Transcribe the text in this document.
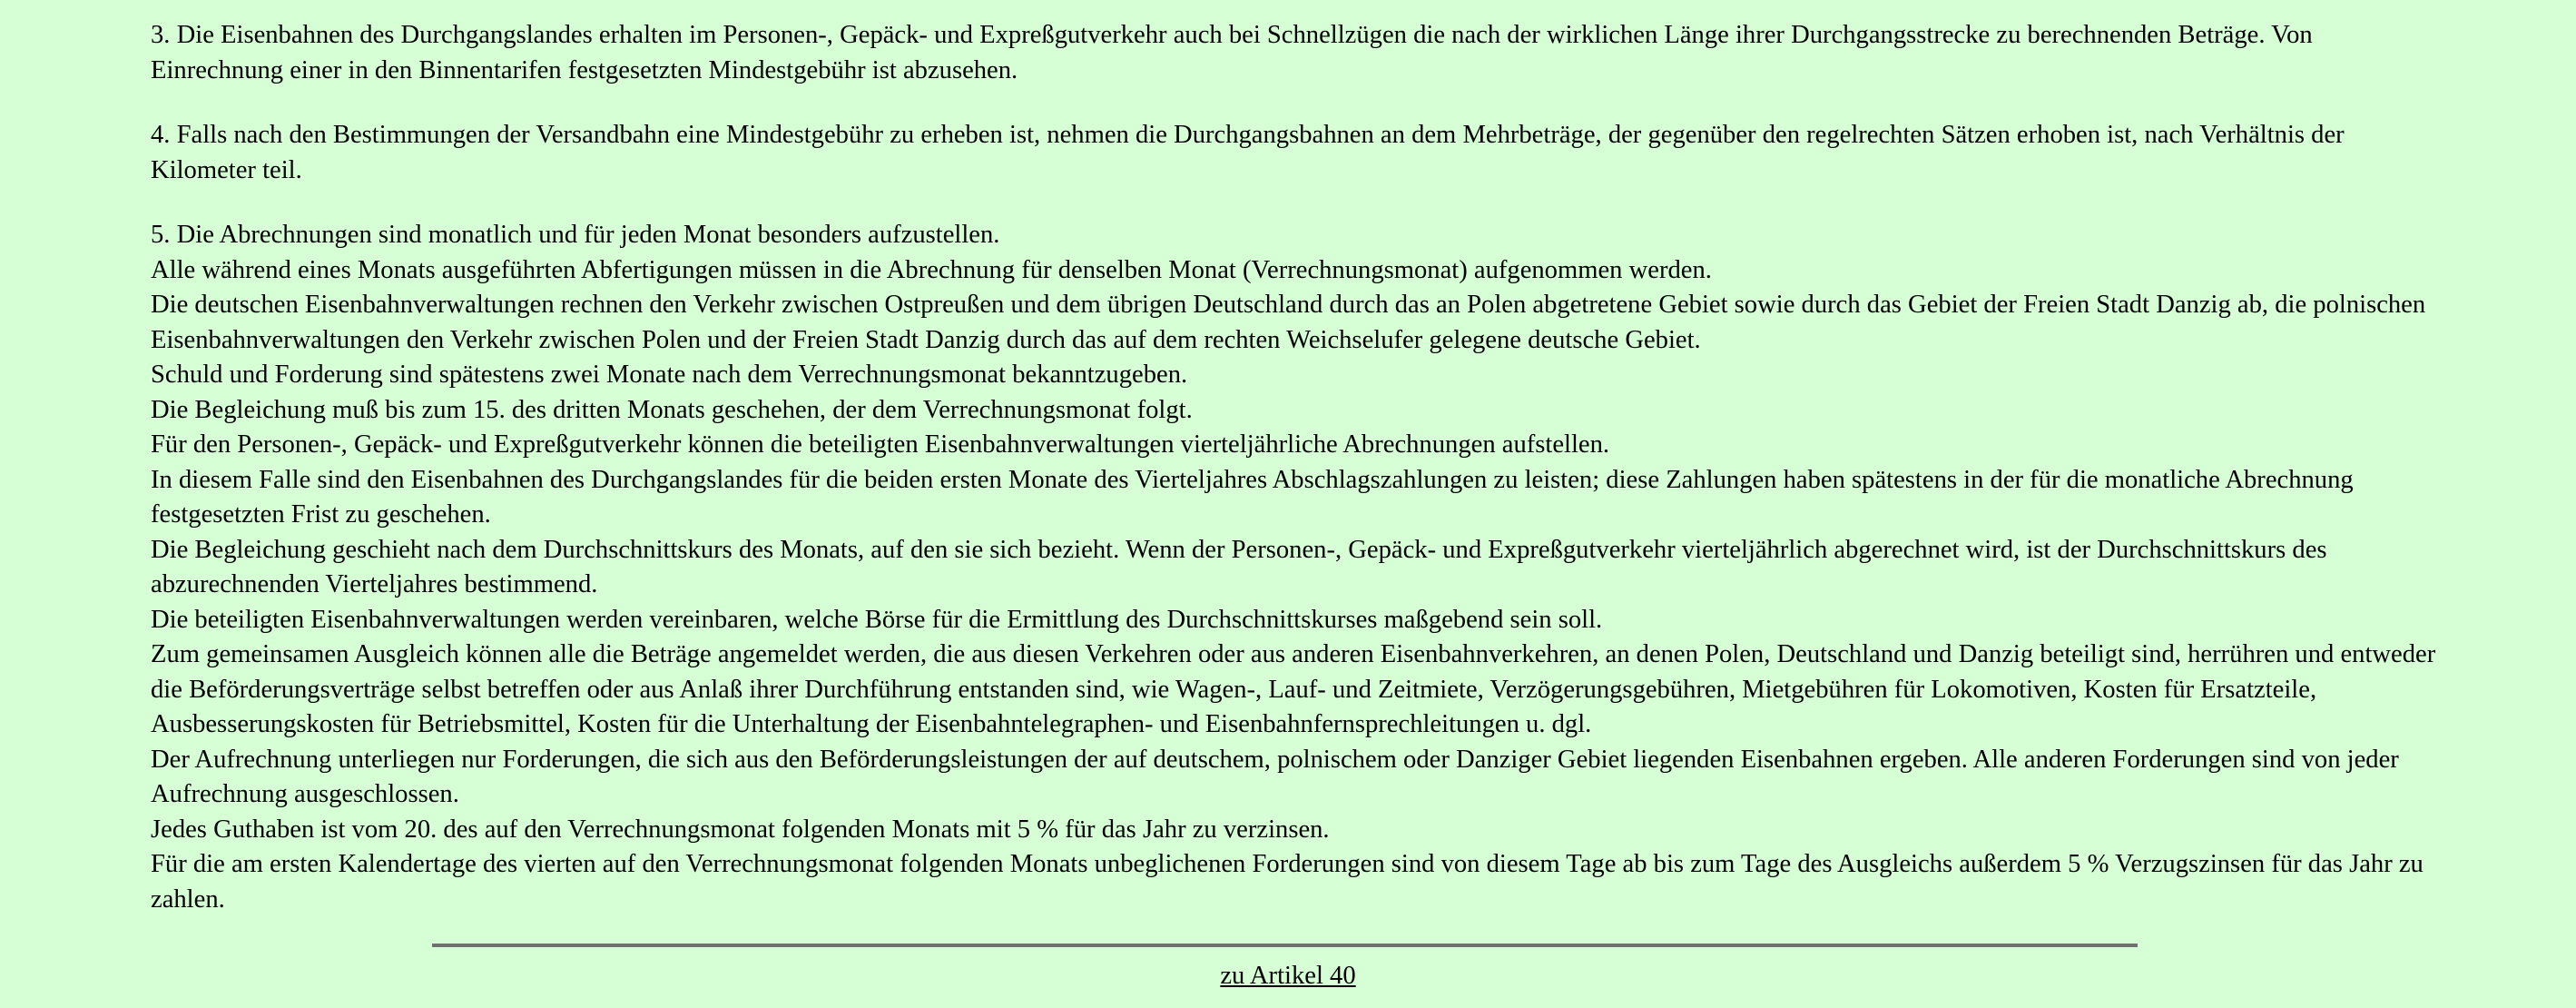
3. Die Eisenbahnen des Durchgangslandes erhalten im Personen-, Gepäck- und Expreßgutverkehr auch bei Schnellzügen die nach der wirklichen Länge ihrer Durchgangsstrecke zu berechnenden Beträge. Von Einrechnung einer in den Binnentarifen festgesetzten Mindestgebühr ist abzusehen.

4. Falls nach den Bestimmungen der Versandbahn eine Mindestgebühr zu erheben ist, nehmen die Durchgangsbahnen an dem Mehrbeträge, der gegenüber den regelrechten Sätzen erhoben ist, nach Verhältnis der Kilometer teil.

5. Die Abrechnungen sind monatlich und für jeden Monat besonders aufzustellen.

Alle während eines Monats ausgeführten Abfertigungen müssen in die Abrechnung für denselben Monat (Verrechnungsmonat) aufgenommen werden.

Die deutschen Eisenbahnverwaltungen rechnen den Verkehr zwischen Ostpreußen und dem übrigen Deutschland durch das an Polen abgetretene Gebiet sowie durch das Gebiet der Freien Stadt Danzig ab, die polnischen Eisenbahnverwaltungen den Verkehr zwischen Polen und der Freien Stadt Danzig durch das auf dem rechten Weichselufer gelegene deutsche Gebiet.

Schuld und Forderung sind spätestens zwei Monate nach dem Verrechnungsmonat bekanntzugeben.

Die Begleichung muß bis zum 15. des dritten Monats geschehen, der dem Verrechnungsmonat folgt.

Für den Personen-, Gepäck- und Expreßgutverkehr können die beteiligten Eisenbahnverwaltungen vierteljährliche Abrechnungen aufstellen.

In diesem Falle sind den Eisenbahnen des Durchgangslandes für die beiden ersten Monate des Vierteljahres Abschlagszahlungen zu leisten; diese Zahlungen haben spätestens in der für die monatliche Abrechnung festgesetzten Frist zu geschehen.

Die Begleichung geschieht nach dem Durchschnittskurs des Monats, auf den sie sich bezieht. Wenn der Personen-, Gepäck- und Expreßgutverkehr vierteljährlich abgerechnet wird, ist der Durchschnittskurs des abzurechnenden Vierteljahres bestimmend.

Die beteiligten Eisenbahnverwaltungen werden vereinbaren, welche Börse für die Ermittlung des Durchschnittskurses maßgebend sein soll.

Zum gemeinsamen Ausgleich können alle die Beträge angemeldet werden, die aus diesen Verkehren oder aus anderen Eisenbahnverkehren, an denen Polen, Deutschland und Danzig beteiligt sind, herrühren und entweder die Beförderungsverträge selbst betreffen oder aus Anlaß ihrer Durchführung entstanden sind, wie Wagen-, Lauf- und Zeitmiete, Verzögerungsgebühren, Mietgebühren für Lokomotiven, Kosten für Ersatzteile, Ausbesserungskosten für Betriebsmittel, Kosten für die Unterhaltung der Eisenbahntelegraphen- und Eisenbahnfernsprechleitungen u. dgl.

Der Aufrechnung unterliegen nur Forderungen, die sich aus den Beförderungsleistungen der auf deutschem, polnischem oder Danziger Gebiet liegenden Eisenbahnen ergeben. Alle anderen Forderungen sind von jeder Aufrechnung ausgeschlossen.

Jedes Guthaben ist vom 20. des auf den Verrechnungsmonat folgenden Monats mit 5 % für das Jahr zu verzinsen.

Für die am ersten Kalendertage des vierten auf den Verrechnungsmonat folgenden Monats unbeglichenen Forderungen sind von diesem Tage ab bis zum Tage des Ausgleichs außerdem 5 % Verzugszinsen für das Jahr zu zahlen.

zu Artikel 40
